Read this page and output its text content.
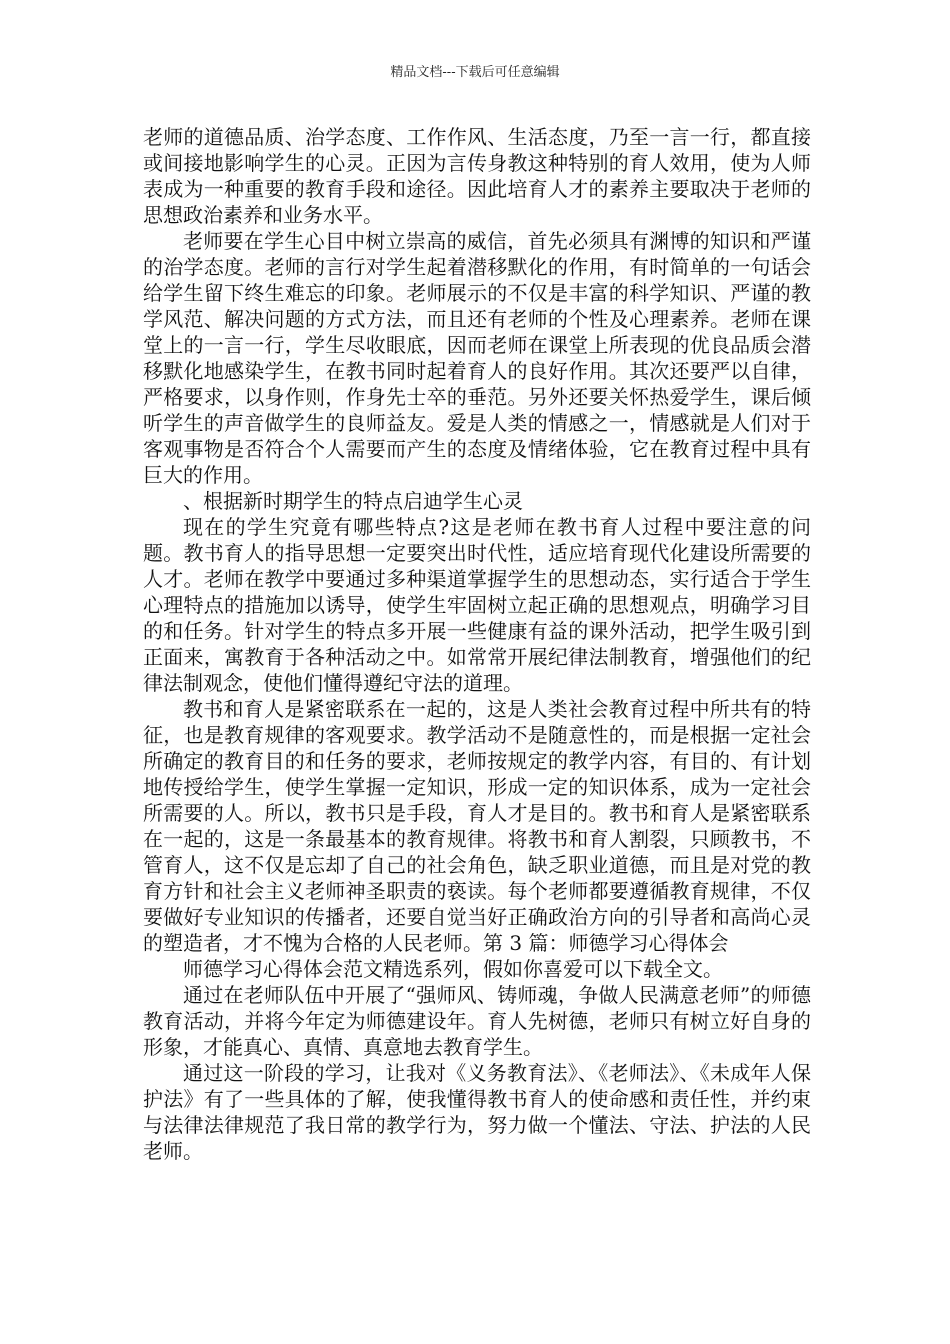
精品文档---下载后可任意编辑

老师的道德品质、治学态度、工作作风、生活态度，乃至一言一行，都直接或间接地影响学生的心灵。正因为言传身教这种特别的育人效用，使为人师表成为一种重要的教育手段和途径。因此培育人才的素养主要取决于老师的思想政治素养和业务水平。

老师要在学生心目中树立崇高的威信，首先必须具有渊博的知识和严谨的治学态度。老师的言行对学生起着潜移默化的作用，有时简单的一句话会给学生留下终生难忘的印象。老师展示的不仅是丰富的科学知识、严谨的教学风范、解决问题的方式方法，而且还有老师的个性及心理素养。老师在课堂上的一言一行，学生尽收眼底，因而老师在课堂上所表现的优良品质会潜移默化地感染学生，在教书同时起着育人的良好作用。其次还要严以自律，严格要求，以身作则，作身先士卒的垂范。另外还要关怀热爱学生，课后倾听学生的声音做学生的良师益友。爱是人类的情感之一，情感就是人们对于客观事物是否符合个人需要而产生的态度及情绪体验，它在教育过程中具有巨大的作用。

、根据新时期学生的特点启迪学生心灵

现在的学生究竟有哪些特点?这是老师在教书育人过程中要注意的问题。教书育人的指导思想一定要突出时代性，适应培育现代化建设所需要的人才。老师在教学中要通过多种渠道掌握学生的思想动态，实行适合于学生心理特点的措施加以诱导，使学生牢固树立起正确的思想观点，明确学习目的和任务。针对学生的特点多开展一些健康有益的课外活动，把学生吸引到正面来，寓教育于各种活动之中。如常常开展纪律法制教育，增强他们的纪律法制观念，使他们懂得遵纪守法的道理。

教书和育人是紧密联系在一起的，这是人类社会教育过程中所共有的特征，也是教育规律的客观要求。教学活动不是随意性的，而是根据一定社会所确定的教育目的和任务的要求，老师按规定的教学内容，有目的、有计划地传授给学生，使学生掌握一定知识，形成一定的知识体系，成为一定社会所需要的人。所以，教书只是手段，育人才是目的。教书和育人是紧密联系在一起的，这是一条最基本的教育规律。将教书和育人割裂，只顾教书，不管育人，这不仅是忘却了自己的社会角色，缺乏职业道德，而且是对党的教育方针和社会主义老师神圣职责的亵读。每个老师都要遵循教育规律，不仅要做好专业知识的传播者，还要自觉当好正确政治方向的引导者和高尚心灵的塑造者，才不愧为合格的人民老师。第 3 篇：师德学习心得体会

师德学习心得体会范文精选系列，假如你喜爱可以下载全文。

通过在老师队伍中开展了“强师风、铸师魂，争做人民满意老师”的师德教育活动，并将今年定为师德建设年。育人先树德，老师只有树立好自身的形象，才能真心、真情、真意地去教育学生。

通过这一阶段的学习，让我对《义务教育法》、《老师法》、《未成年人保护法》有了一些具体的了解，使我懂得教书育人的使命感和责任性，并约束与法律法律规范了我日常的教学行为，努力做一个懂法、守法、护法的人民老师。
